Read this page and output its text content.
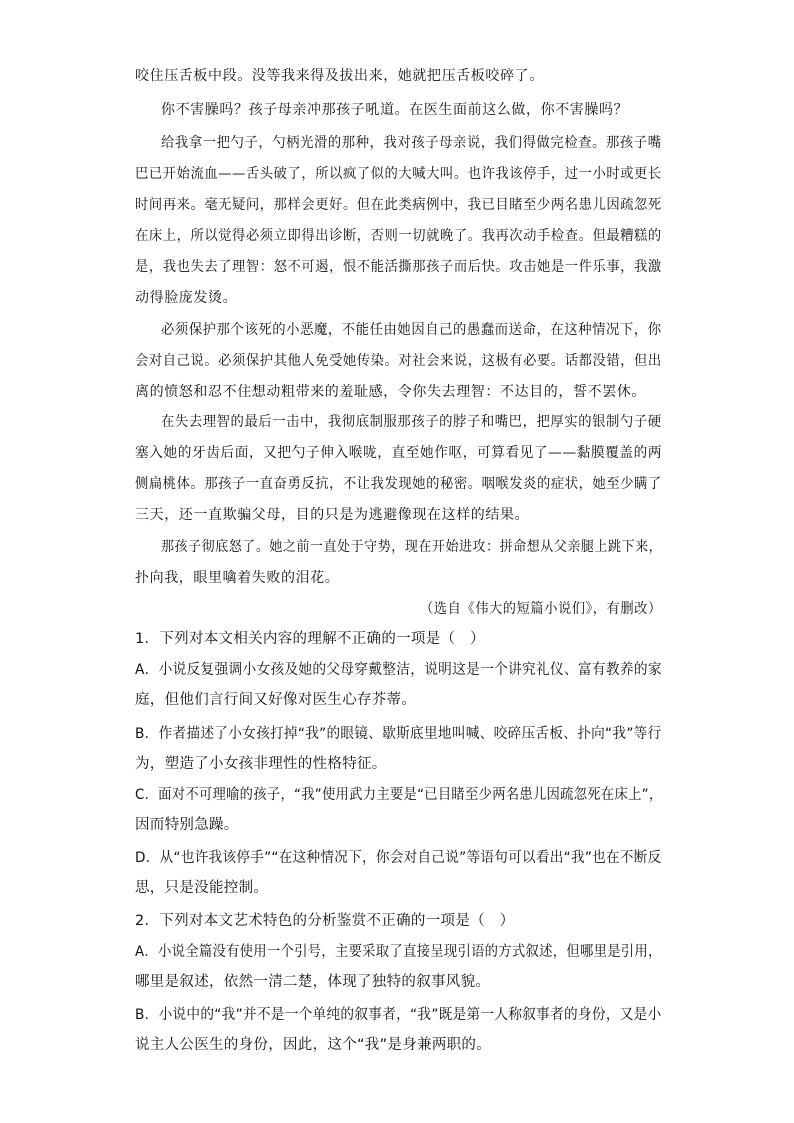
咬住压舌板中段。没等我来得及拔出来，她就把压舌板咬碎了。
你不害臊吗？孩子母亲冲那孩子吼道。在医生面前这么做，你不害臊吗？
给我拿一把勺子，勺柄光滑的那种，我对孩子母亲说，我们得做完检查。那孩子嘴
巴已开始流血——舌头破了，所以疯了似的大喊大叫。也许我该停手，过一小时或更长
时间再来。毫无疑问，那样会更好。但在此类病例中，我已目睹至少两名患儿因疏忽死
在床上，所以觉得必须立即得出诊断，否则一切就晚了。我再次动手检查。但最糟糕的
是，我也失去了理智：怒不可遏，恨不能活撕那孩子而后快。攻击她是一件乐事，我激
动得脸庞发烫。
必须保护那个该死的小恶魔，不能任由她因自己的愚蠢而送命，在这种情况下，你
会对自己说。必须保护其他人免受她传染。对社会来说，这极有必要。话都没错，但出
离的愤怒和忍不住想动粗带来的羞耻感，令你失去理智：不达目的，誓不罢休。
在失去理智的最后一击中，我彻底制服那孩子的脖子和嘴巴，把厚实的银制勺子硬
塞入她的牙齿后面，又把勺子伸入喉咙，直至她作呕，可算看见了——黏膜覆盖的两
侧扁桃体。那孩子一直奋勇反抗，不让我发现她的秘密。咽喉发炎的症状，她至少瞒了
三天，还一直欺骗父母，目的只是为逃避像现在这样的结果。
那孩子彻底怒了。她之前一直处于守势，现在开始进攻：拼命想从父亲腿上跳下来，
扑向我，眼里噙着失败的泪花。
（选自《伟大的短篇小说们》，有删改）
1．下列对本文相关内容的理解不正确的一项是（　）
A．小说反复强调小女孩及她的父母穿戴整洁，说明这是一个讲究礼仪、富有教养的家
庭，但他们言行间又好像对医生心存芥蒂。
B．作者描述了小女孩打掉“我”的眼镜、歇斯底里地叫喊、咬碎压舌板、扑向“我”等行
为，塑造了小女孩非理性的性格特征。
C．面对不可理喻的孩子，“我”使用武力主要是“已目睹至少两名患儿因疏忽死在床上”，
因而特别急躁。
D．从“也许我该停手”“在这种情况下，你会对自己说”等语句可以看出“我”也在不断反
思，只是没能控制。
2．下列对本文艺术特色的分析鉴赏不正确的一项是（　）
A．小说全篇没有使用一个引号，主要采取了直接呈现引语的方式叙述，但哪里是引用，
哪里是叙述，依然一清二楚，体现了独特的叙事风貌。
B．小说中的“我”并不是一个单纯的叙事者，“我”既是第一人称叙事者的身份，又是小
说主人公医生的身份，因此，这个“我”是身兼两职的。
